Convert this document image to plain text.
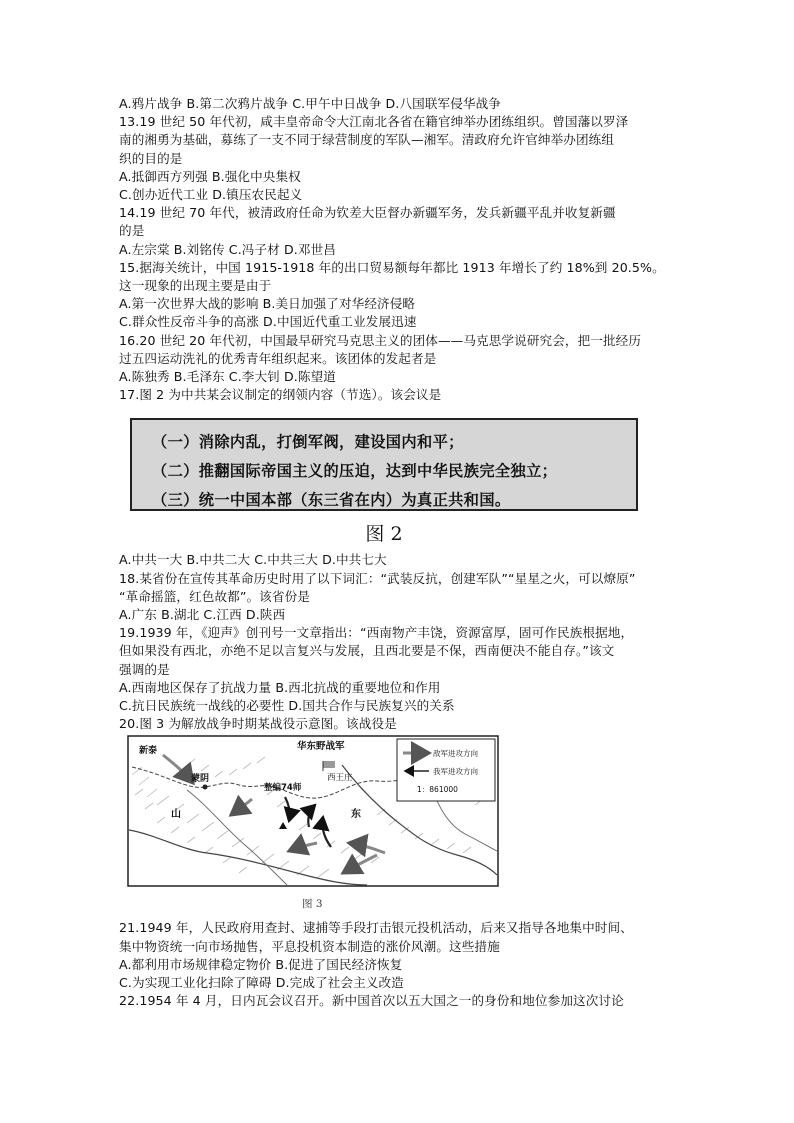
A.鸦片战争 B.第二次鸦片战争 C.甲午中日战争 D.八国联军侵华战争
13.19 世纪 50 年代初，咸丰皇帝命令大江南北各省在籍官绅举办团练组织。曾国藩以罗泽
南的湘勇为基础，募练了一支不同于绿营制度的军队—湘军。清政府允许官绅举办团练组
织的目的是
A.抵御西方列强 B.强化中央集权
C.创办近代工业 D.镇压农民起义
14.19 世纪 70 年代，被清政府任命为钦差大臣督办新疆军务，发兵新疆平乱并收复新疆
的是
A.左宗棠 B.刘铭传 C.冯子材 D.邓世昌
15.据海关统计，中国 1915-1918 年的出口贸易额每年都比 1913 年增长了约 18%到 20.5%。
这一现象的出现主要是由于
A.第一次世界大战的影响 B.美日加强了对华经济侵略
C.群众性反帝斗争的高涨 D.中国近代重工业发展迅速
16.20 世纪 20 年代初，中国最早研究马克思主义的团体——马克思学说研究会，把一批经历
过五四运动洗礼的优秀青年组织起来。该团体的发起者是
A.陈独秀 B.毛泽东 C.李大钊 D.陈望道
17.图 2 为中共某会议制定的纲领内容（节选）。该会议是
（一）消除内乱，打倒军阀，建设国内和平；
（二）推翻国际帝国主义的压迫，达到中华民族完全独立；
（三）统一中国本部（东三省在内）为真正共和国。
图 2
A.中共一大 B.中共二大 C.中共三大 D.中共七大
18.某省份在宣传其革命历史时用了以下词汇：“武装反抗，创建军队”“星星之火，可以燎原”
“革命摇篮，红色故都”。该省份是
A.广东 B.湖北 C.江西 D.陕西
19.1939 年，《迎声》创刊号一文章指出：“西南物产丰饶，资源富厚，固可作民族根据地，
但如果没有西北，亦绝不足以言复兴与发展，且西北要是不保，西南便决不能自存。”该文
强调的是
A.西南地区保存了抗战力量 B.西北抗战的重要地位和作用
C.抗日民族统一战线的必要性 D.国共合作与民族复兴的关系
20.图 3 为解放战争时期某战役示意图。该战役是
新泰
蒙阴
山	东
华东野战军
西王庄
整编74师
敌军进攻方向
我军进攻方向
1：861000
图 3
21.1949 年，人民政府用查封、逮捕等手段打击银元投机活动，后来又指导各地集中时间、
集中物资统一向市场抛售，平息投机资本制造的涨价风潮。这些措施
A.都利用市场规律稳定物价 B.促进了国民经济恢复
C.为实现工业化扫除了障碍 D.完成了社会主义改造
22.1954 年 4 月，日内瓦会议召开。新中国首次以五大国之一的身份和地位参加这次讨论
